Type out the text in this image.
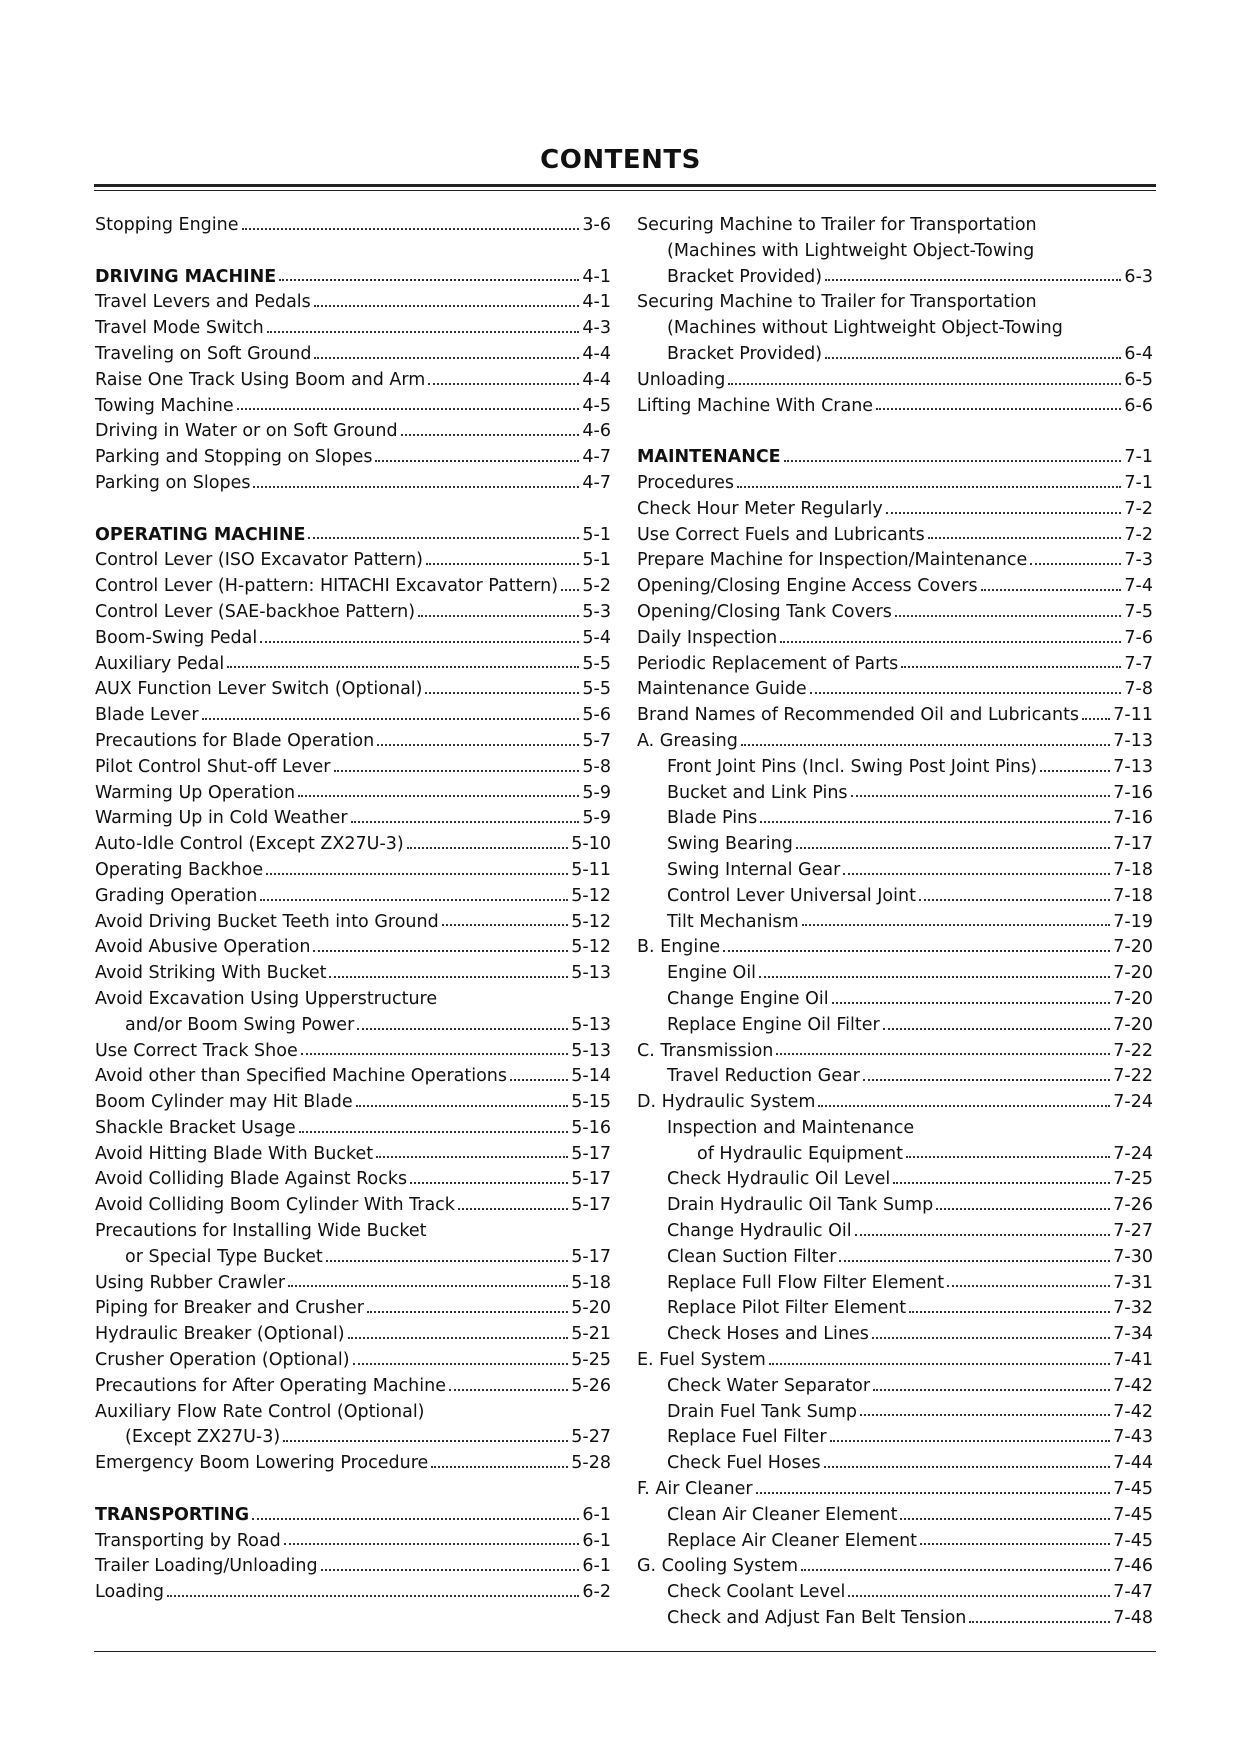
CONTENTS
Stopping Engine	3-6
DRIVING MACHINE	4-1
Travel Levers and Pedals	4-1
Travel Mode Switch	4-3
Traveling on Soft Ground	4-4
Raise One Track Using Boom and Arm	4-4
Towing Machine	4-5
Driving in Water or on Soft Ground	4-6
Parking and Stopping on Slopes	4-7
Parking on Slopes	4-7
OPERATING MACHINE	5-1
Control Lever (ISO Excavator Pattern)	5-1
Control Lever (H-pattern: HITACHI Excavator Pattern) 5-2
Control Lever (SAE-backhoe Pattern)	5-3
Boom-Swing Pedal	5-4
Auxiliary Pedal	5-5
AUX Function Lever Switch (Optional)	5-5
Blade Lever	5-6
Precautions for Blade Operation	5-7
Pilot Control Shut-off Lever	5-8
Warming Up Operation	5-9
Warming Up in Cold Weather	5-9
Auto-Idle Control (Except ZX27U-3)	5-10
Operating Backhoe	5-11
Grading Operation	5-12
Avoid Driving Bucket Teeth into Ground	5-12
Avoid Abusive Operation	5-12
Avoid Striking With Bucket	5-13
Avoid Excavation Using Upperstructure
and/or Boom Swing Power	5-13
Use Correct Track Shoe	5-13
Avoid other than Specified Machine Operations	5-14
Boom Cylinder may Hit Blade	5-15
Shackle Bracket Usage	5-16
Avoid Hitting Blade With Bucket	5-17
Avoid Colliding Blade Against Rocks	5-17
Avoid Colliding Boom Cylinder With Track	5-17
Precautions for Installing Wide Bucket
or Special Type Bucket	5-17
Using Rubber Crawler	5-18
Piping for Breaker and Crusher	5-20
Hydraulic Breaker (Optional)	5-21
Crusher Operation (Optional)	5-25
Precautions for After Operating Machine	5-26
Auxiliary Flow Rate Control (Optional)
(Except ZX27U-3)	5-27
Emergency Boom Lowering Procedure	5-28
TRANSPORTING	6-1
Transporting by Road	6-1
Trailer Loading/Unloading	6-1
Loading	6-2
Securing Machine to Trailer for Transportation
(Machines with Lightweight Object-Towing
Bracket Provided)	6-3
Securing Machine to Trailer for Transportation
(Machines without Lightweight Object-Towing
Bracket Provided)	6-4
Unloading	6-5
Lifting Machine With Crane	6-6
MAINTENANCE	7-1
Procedures	7-1
Check Hour Meter Regularly	7-2
Use Correct Fuels and Lubricants	7-2
Prepare Machine for Inspection/Maintenance	7-3
Opening/Closing Engine Access Covers	7-4
Opening/Closing Tank Covers	7-5
Daily Inspection	7-6
Periodic Replacement of Parts	7-7
Maintenance Guide	7-8
Brand Names of Recommended Oil and Lubricants 7-11
A. Greasing	7-13
Front Joint Pins (Incl. Swing Post Joint Pins)	7-13
Bucket and Link Pins	7-16
Blade Pins	7-16
Swing Bearing	7-17
Swing Internal Gear	7-18
Control Lever Universal Joint	7-18
Tilt Mechanism	7-19
B. Engine	7-20
Engine Oil	7-20
Change Engine Oil	7-20
Replace Engine Oil Filter	7-20
C. Transmission	7-22
Travel Reduction Gear	7-22
D. Hydraulic System	7-24
Inspection and Maintenance
of Hydraulic Equipment	7-24
Check Hydraulic Oil Level	7-25
Drain Hydraulic Oil Tank Sump	7-26
Change Hydraulic Oil	7-27
Clean Suction Filter	7-30
Replace Full Flow Filter Element	7-31
Replace Pilot Filter Element	7-32
Check Hoses and Lines	7-34
E. Fuel System	7-41
Check Water Separator	7-42
Drain Fuel Tank Sump	7-42
Replace Fuel Filter	7-43
Check Fuel Hoses	7-44
F. Air Cleaner	7-45
Clean Air Cleaner Element	7-45
Replace Air Cleaner Element	7-45
G. Cooling System	7-46
Check Coolant Level	7-47
Check and Adjust Fan Belt Tension	7-48
